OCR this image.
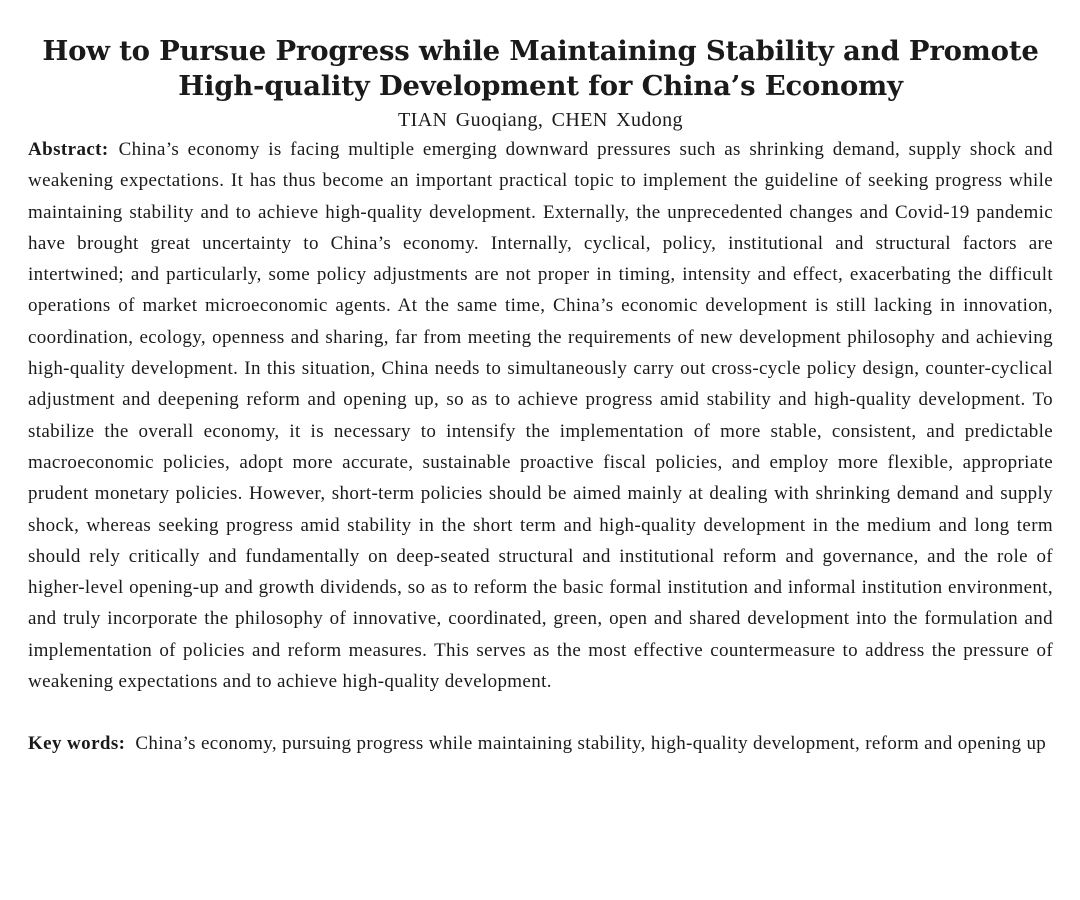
How to Pursue Progress while Maintaining Stability and Promote
High-quality Development for China’s Economy
TIAN Guoqiang, CHEN Xudong

Abstract: China’s economy is facing multiple emerging downward pressures such as shrinking demand, supply shock and weakening expectations. It has thus become an important practical topic to implement the guideline of seeking progress while maintaining stability and to achieve high-quality development. Externally, the unprecedented changes and Covid-19 pandemic have brought great uncertainty to China’s economy. Internally, cyclical, policy, institutional and structural factors are intertwined; and particularly, some policy adjustments are not proper in timing, intensity and effect, exacerbating the difficult operations of market microeconomic agents. At the same time, China’s economic development is still lacking in innovation, coordination, ecology, openness and sharing, far from meeting the requirements of new development philosophy and achieving high-quality development. In this situation, China needs to simultaneously carry out cross-cycle policy design, counter-cyclical adjustment and deepening reform and opening up, so as to achieve progress amid stability and high-quality development. To stabilize the overall economy, it is necessary to intensify the implementation of more stable, consistent, and predictable macroeconomic policies, adopt more accurate, sustainable proactive fiscal policies, and employ more flexible, appropriate prudent monetary policies. However, short-term policies should be aimed mainly at dealing with shrinking demand and supply shock, whereas seeking progress amid stability in the short term and high-quality development in the medium and long term should rely critically and fundamentally on deep-seated structural and institutional reform and governance, and the role of higher-level opening-up and growth dividends, so as to reform the basic formal institution and informal institution environment, and truly incorporate the philosophy of innovative, coordinated, green, open and shared development into the formulation and implementation of policies and reform measures. This serves as the most effective countermeasure to address the pressure of weakening expectations and to achieve high-quality development.

Key words: China’s economy, pursuing progress while maintaining stability, high-quality development, reform and opening up
